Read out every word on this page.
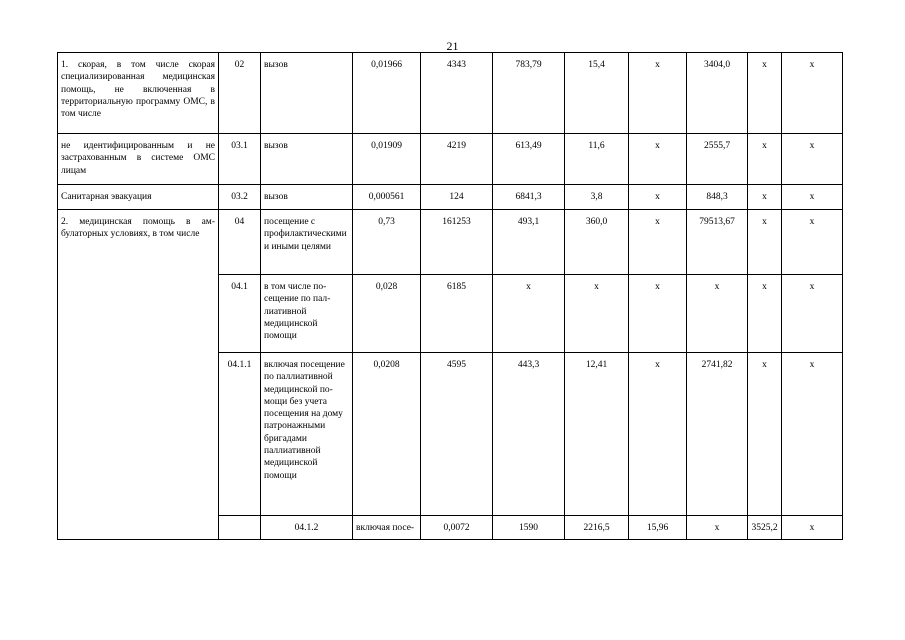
21
1. скорая, в том числе скорая специализированная медицинская помощь, не включенная в территориальную программу ОМС, в том числе	02	вызов	0,01966	4343	783,79	15,4	х	3404,0	х	х	
не идентифицированным и не застрахованным в системе ОМС лицам	03.1	вызов	0,01909	4219	613,49	11,6	х	2555,7	х	х	
Санитарная эвакуация	03.2	вызов	0,000561	124	6841,3	3,8	х	848,3	х	х	
2. медицинская помощь в амбулаторных условиях, в том числе	04	посещение с профилактическими и иными целями	0,73	161253	493,1	360,0	х	79513,67	х	х	
	04.1	в том числе посещение по паллиативной медицинской помощи	0,028	6185	х	х	х	х	х	х	
	04.1.1	включая посещение по паллиативной медицинской помощи без учета посещения на дому патронажными бригадами паллиативной медицинской помощи	0,0208	4595	443,3	12,41	х	2741,82	х	х	
		04.1.2	включая посе-	0,0072	1590	2216,5	15,96	х	3525,2	х	
